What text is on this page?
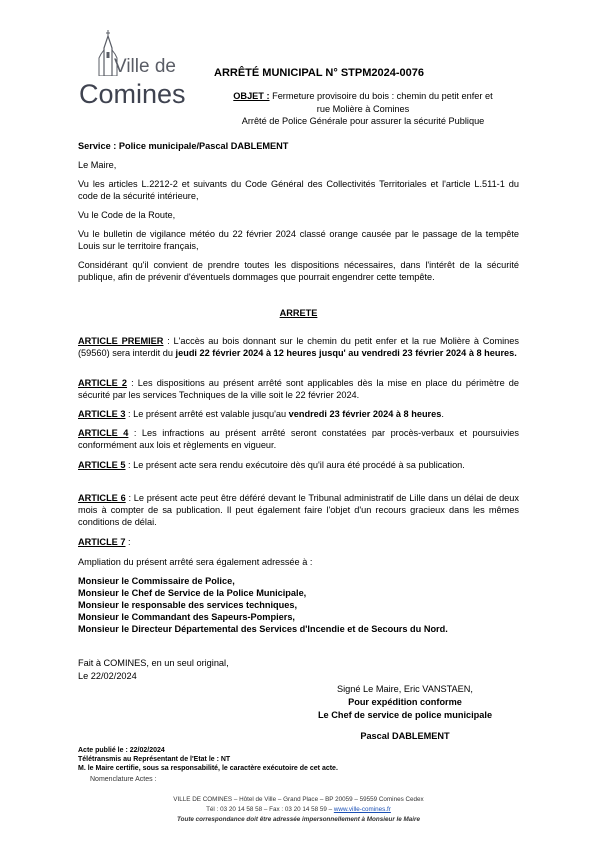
Ville de
Comines
ARRÊTÉ MUNICIPAL N° STPM2024-0076
OBJET : Fermeture provisoire du bois : chemin du petit enfer et
rue Molière à Comines
Arrêté de Police Générale pour assurer la sécurité Publique
Service : Police municipale/Pascal DABLEMENT
Le Maire,
Vu les articles L.2212-2 et suivants du Code Général des Collectivités Territoriales et l'article L.511-1 du code de la sécurité intérieure,
Vu le Code de la Route,
Vu le bulletin de vigilance météo du 22 février 2024 classé orange causée par le passage de la tempête Louis sur le territoire français,
Considérant qu'il convient de prendre toutes les dispositions nécessaires, dans l'intérêt de la sécurité publique, afin de prévenir d'éventuels dommages que pourrait engendrer cette tempête.
ARRETE
ARTICLE PREMIER : L'accès au bois donnant sur le chemin du petit enfer et la rue Molière à Comines (59560) sera interdit du jeudi 22 février 2024 à 12 heures jusqu' au vendredi 23 février 2024 à 8 heures.
ARTICLE 2 : Les dispositions au présent arrêté sont applicables dès la mise en place du périmètre de sécurité par les services Techniques de la ville soit le 22 février 2024.
ARTICLE 3 : Le présent arrêté est valable jusqu'au vendredi 23 février 2024 à 8 heures.
ARTICLE 4 : Les infractions au présent arrêté seront constatées par procès-verbaux et poursuivies conformément aux lois et règlements en vigueur.
ARTICLE 5 : Le présent acte sera rendu exécutoire dès qu'il aura été procédé à sa publication.
ARTICLE 6 : Le présent acte peut être déféré devant le Tribunal administratif de Lille dans un délai de deux mois à compter de sa publication. Il peut également faire l'objet d'un recours gracieux dans les mêmes conditions de délai.
ARTICLE 7 :
Ampliation du présent arrêté sera également adressée à :
Monsieur le Commissaire de Police,
Monsieur le Chef de Service de la Police Municipale,
Monsieur le responsable des services techniques,
Monsieur le Commandant des Sapeurs-Pompiers,
Monsieur le Directeur Départemental des Services d'Incendie et de Secours du Nord.
Fait à COMINES, en un seul original,
Le 22/02/2024
Signé Le Maire, Eric VANSTAEN,
Pour expédition conforme
Le Chef de service de police municipale
Pascal DABLEMENT
Acte publié le : 22/02/2024
Télétransmis au Représentant de l'Etat le : NT
M. le Maire certifie, sous sa responsabilité, le caractère exécutoire de cet acte.
Nomenclature Actes :
VILLE DE COMINES – Hôtel de Ville – Grand Place – BP 20059 – 59559 Comines Cedex
Tél : 03 20 14 58 58 – Fax : 03 20 14 58 59 – www.ville-comines.fr
Toute correspondance doit être adressée impersonnellement à Monsieur le Maire
